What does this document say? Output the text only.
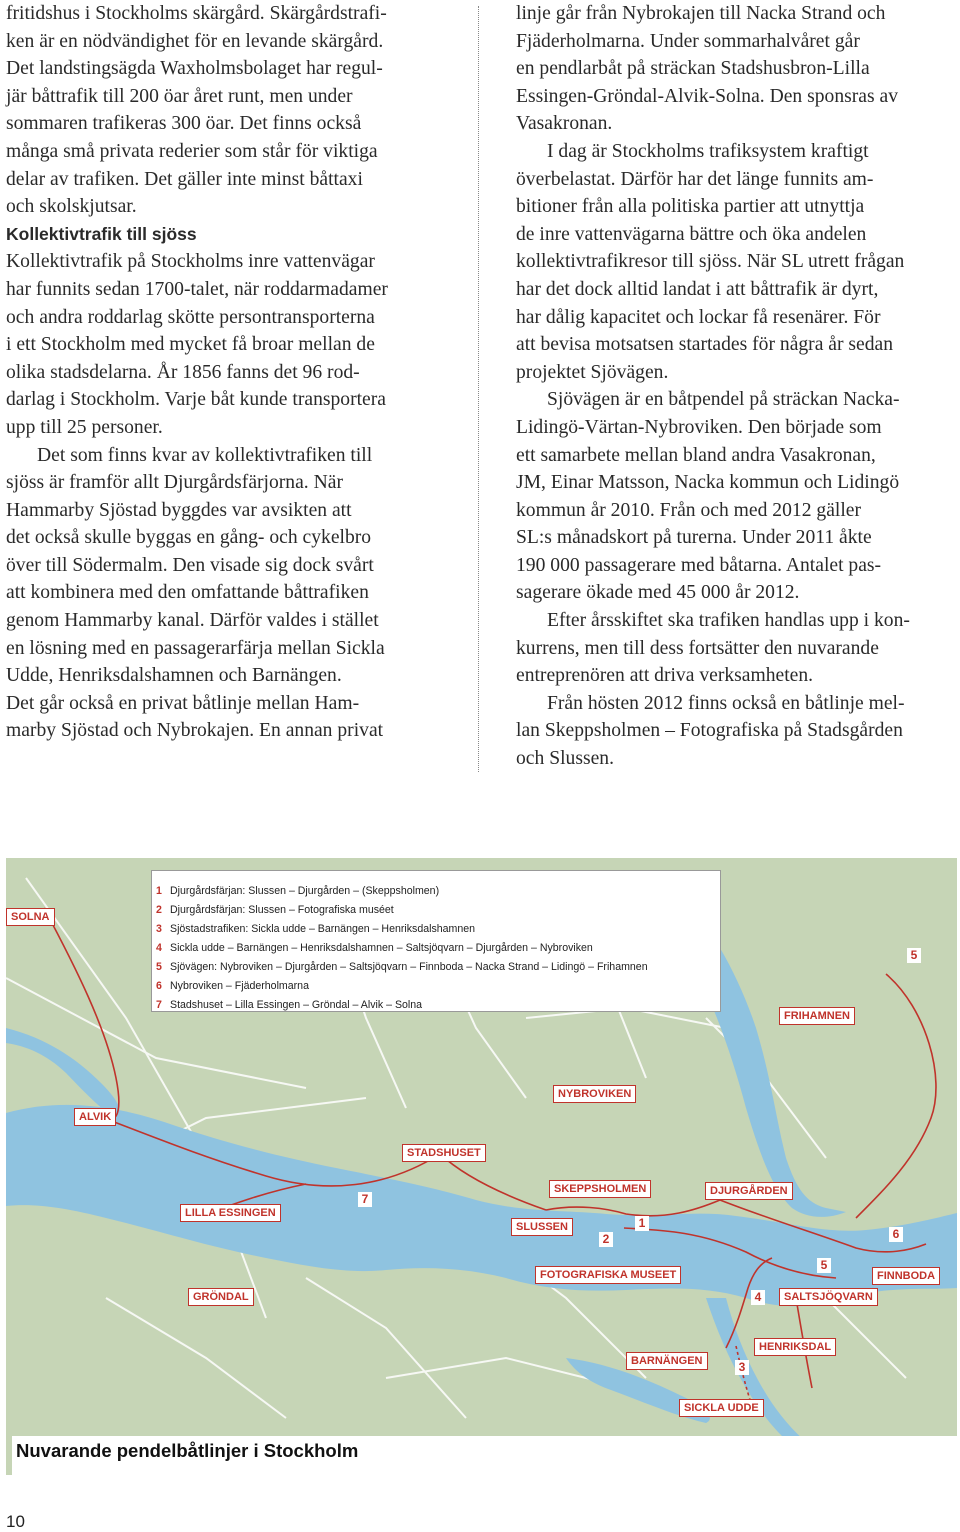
fritidshus i Stockholms skärgård. Skärgårdstrafi-

ken är en nödvändighet för en levande skärgård.

Det landstingsägda Waxholmsbolaget har regul-

jär båttrafik till 200 öar året runt, men under

sommaren trafikeras 300 öar. Det finns också

många små privata rederier som står för viktiga

delar av trafiken. Det gäller inte minst båttaxi

och skolskjutsar.

Kollektivtrafik till sjöss

Kollektivtrafik på Stockholms inre vattenvägar

har funnits sedan 1700-talet, när roddarmadamer

och andra roddarlag skötte persontransporterna

i ett Stockholm med mycket få broar mellan de

olika stadsdelarna. År 1856 fanns det 96 rod-

darlag i Stockholm. Varje båt kunde transportera

upp till 25 personer.

Det som finns kvar av kollektivtrafiken till

sjöss är framför allt Djurgårdsfärjorna. När

Hammarby Sjöstad byggdes var avsikten att

det också skulle byggas en gång- och cykelbro

över till Södermalm. Den visade sig dock svårt

att kombinera med den omfattande båttrafiken

genom Hammarby kanal. Därför valdes i stället

en lösning med en passagerarfärja mellan Sickla

Udde, Henriksdalshamnen och Barnängen.

Det går också en privat båtlinje mellan Ham-

marby Sjöstad och Nybrokajen. En annan privat

linje går från Nybrokajen till Nacka Strand och

Fjäderholmarna. Under sommarhalvåret går

en pendlarbåt på sträckan Stadshusbron-Lilla

Essingen-Gröndal-Alvik-Solna. Den sponsras av

Vasakronan.

I dag är Stockholms trafiksystem kraftigt

överbelastat. Därför har det länge funnits am-

bitioner från alla politiska partier att utnyttja

de inre vattenvägarna bättre och öka andelen

kollektivtrafikresor till sjöss. När SL utrett frågan

har det dock alltid landat i att båttrafik är dyrt,

har dålig kapacitet och lockar få resenärer. För

att bevisa motsatsen startades för några år sedan

projektet Sjövägen.

Sjövägen är en båtpendel på sträckan Nacka-

Lidingö-Värtan-Nybroviken. Den började som

ett samarbete mellan bland andra Vasakronan,

JM, Einar Matsson, Nacka kommun och Lidingö

kommun år 2010. Från och med 2012 gäller

SL:s månadskort på turerna. Under 2011 åkte

190 000 passagerare med båtarna. Antalet pas-

sagerare ökade med 45 000 år 2012.

Efter årsskiftet ska trafiken handlas upp i kon-

kurrens, men till dess fortsätter den nuvarande

entreprenören att driva verksamheten.

Från hösten 2012 finns också en båtlinje mel-

lan Skeppsholmen – Fotografiska på Stadsgården

och Slussen.

1 Djurgårdsfärjan: Slussen – Djurgården – (Skeppsholmen)
2 Djurgårdsfärjan: Slussen – Fotografiska muséet
3 Sjöstadstrafiken: Sickla udde – Barnängen – Henriksdalshamnen
4 Sickla udde – Barnängen – Henriksdalshamnen – Saltsjöqvarn – Djurgården – Nybroviken
5 Sjövägen: Nybroviken – Djurgården – Saltsjöqvarn – Finnboda – Nacka Strand – Lidingö – Frihamnen
6 Nybroviken – Fjäderholmarna
7 Stadshuset – Lilla Essingen – Gröndal – Alvik – Solna
SOLNA
FRIHAMNEN
NYBROVIKEN
ALVIK
STADSHUSET
SKEPPSHOLMEN	DJURGÅRDEN
LILLA ESSINGEN
SLUSSEN
GRÖNDAL
FOTOGRAFISKA MUSEET	FINNBODA
SALTSJÖQVARN
HENRIKSDAL
BARNÄNGEN
SICKLA UDDE
1
2
3
4
5
5
6
7
Nuvarande pendelbåtlinjer i Stockholm
10
